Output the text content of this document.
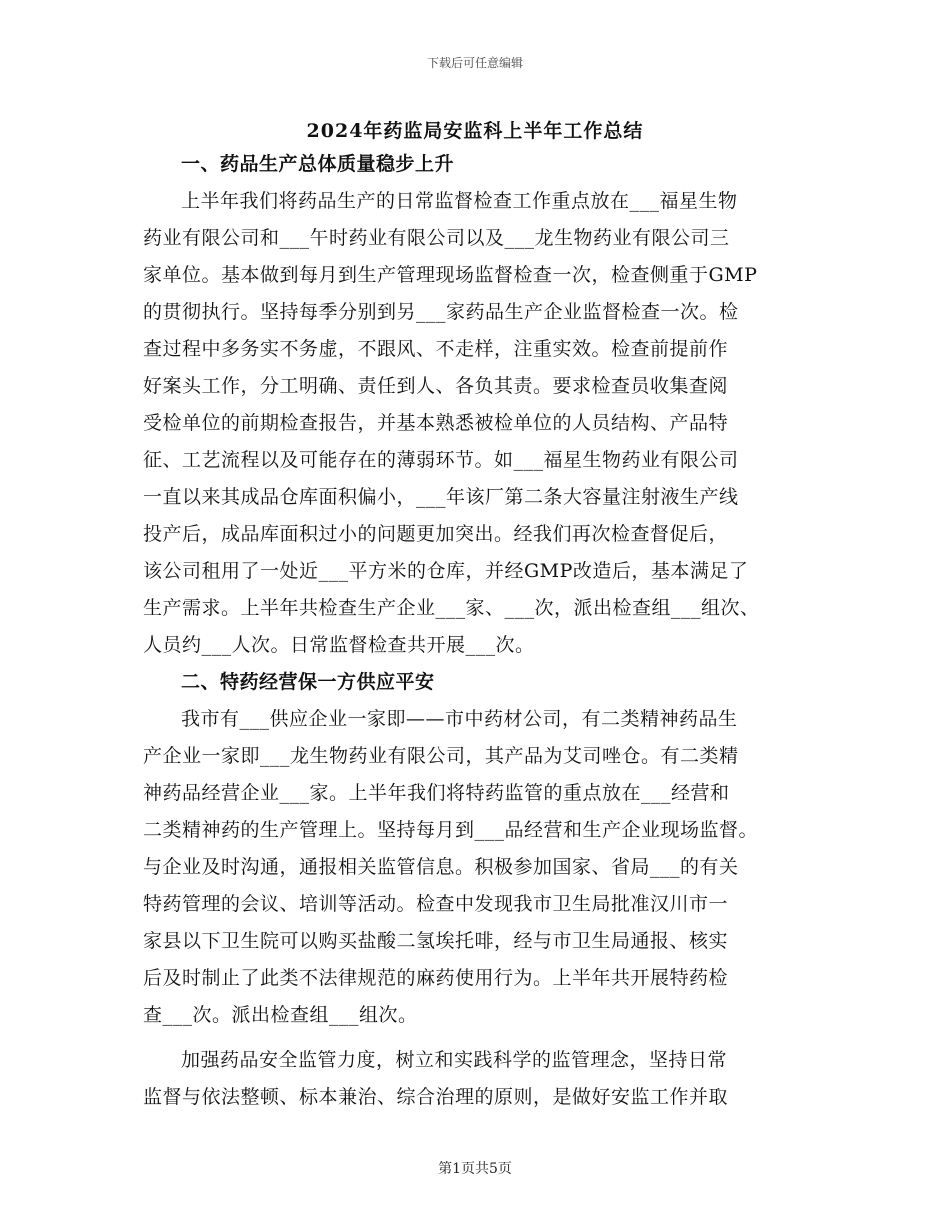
下载后可任意编辑
2024年药监局安监科上半年工作总结
一、药品生产总体质量稳步上升
上半年我们将药品生产的日常监督检查工作重点放在___福星生物
药业有限公司和___午时药业有限公司以及___龙生物药业有限公司三
家单位。基本做到每月到生产管理现场监督检查一次，检查侧重于GMP
的贯彻执行。坚持每季分别到另___家药品生产企业监督检查一次。检
查过程中多务实不务虚，不跟风、不走样，注重实效。检查前提前作
好案头工作，分工明确、责任到人、各负其责。要求检查员收集查阅
受检单位的前期检查报告，并基本熟悉被检单位的人员结构、产品特
征、工艺流程以及可能存在的薄弱环节。如___福星生物药业有限公司
一直以来其成品仓库面积偏小，___年该厂第二条大容量注射液生产线
投产后，成品库面积过小的问题更加突出。经我们再次检查督促后，
该公司租用了一处近___平方米的仓库，并经GMP改造后，基本满足了
生产需求。上半年共检查生产企业___家、___次，派出检查组___组次、
人员约___人次。日常监督检查共开展___次。
二、特药经营保一方供应平安
我市有___供应企业一家即——市中药材公司，有二类精神药品生
产企业一家即___龙生物药业有限公司，其产品为艾司唑仓。有二类精
神药品经营企业___家。上半年我们将特药监管的重点放在___经营和
二类精神药的生产管理上。坚持每月到___品经营和生产企业现场监督。
与企业及时沟通，通报相关监管信息。积极参加国家、省局___的有关
特药管理的会议、培训等活动。检查中发现我市卫生局批准汉川市一
家县以下卫生院可以购买盐酸二氢埃托啡，经与市卫生局通报、核实
后及时制止了此类不法律规范的麻药使用行为。上半年共开展特药检
查___次。派出检查组___组次。
加强药品安全监管力度，树立和实践科学的监管理念，坚持日常
监督与依法整顿、标本兼治、综合治理的原则，是做好安监工作并取
第1页共5页
